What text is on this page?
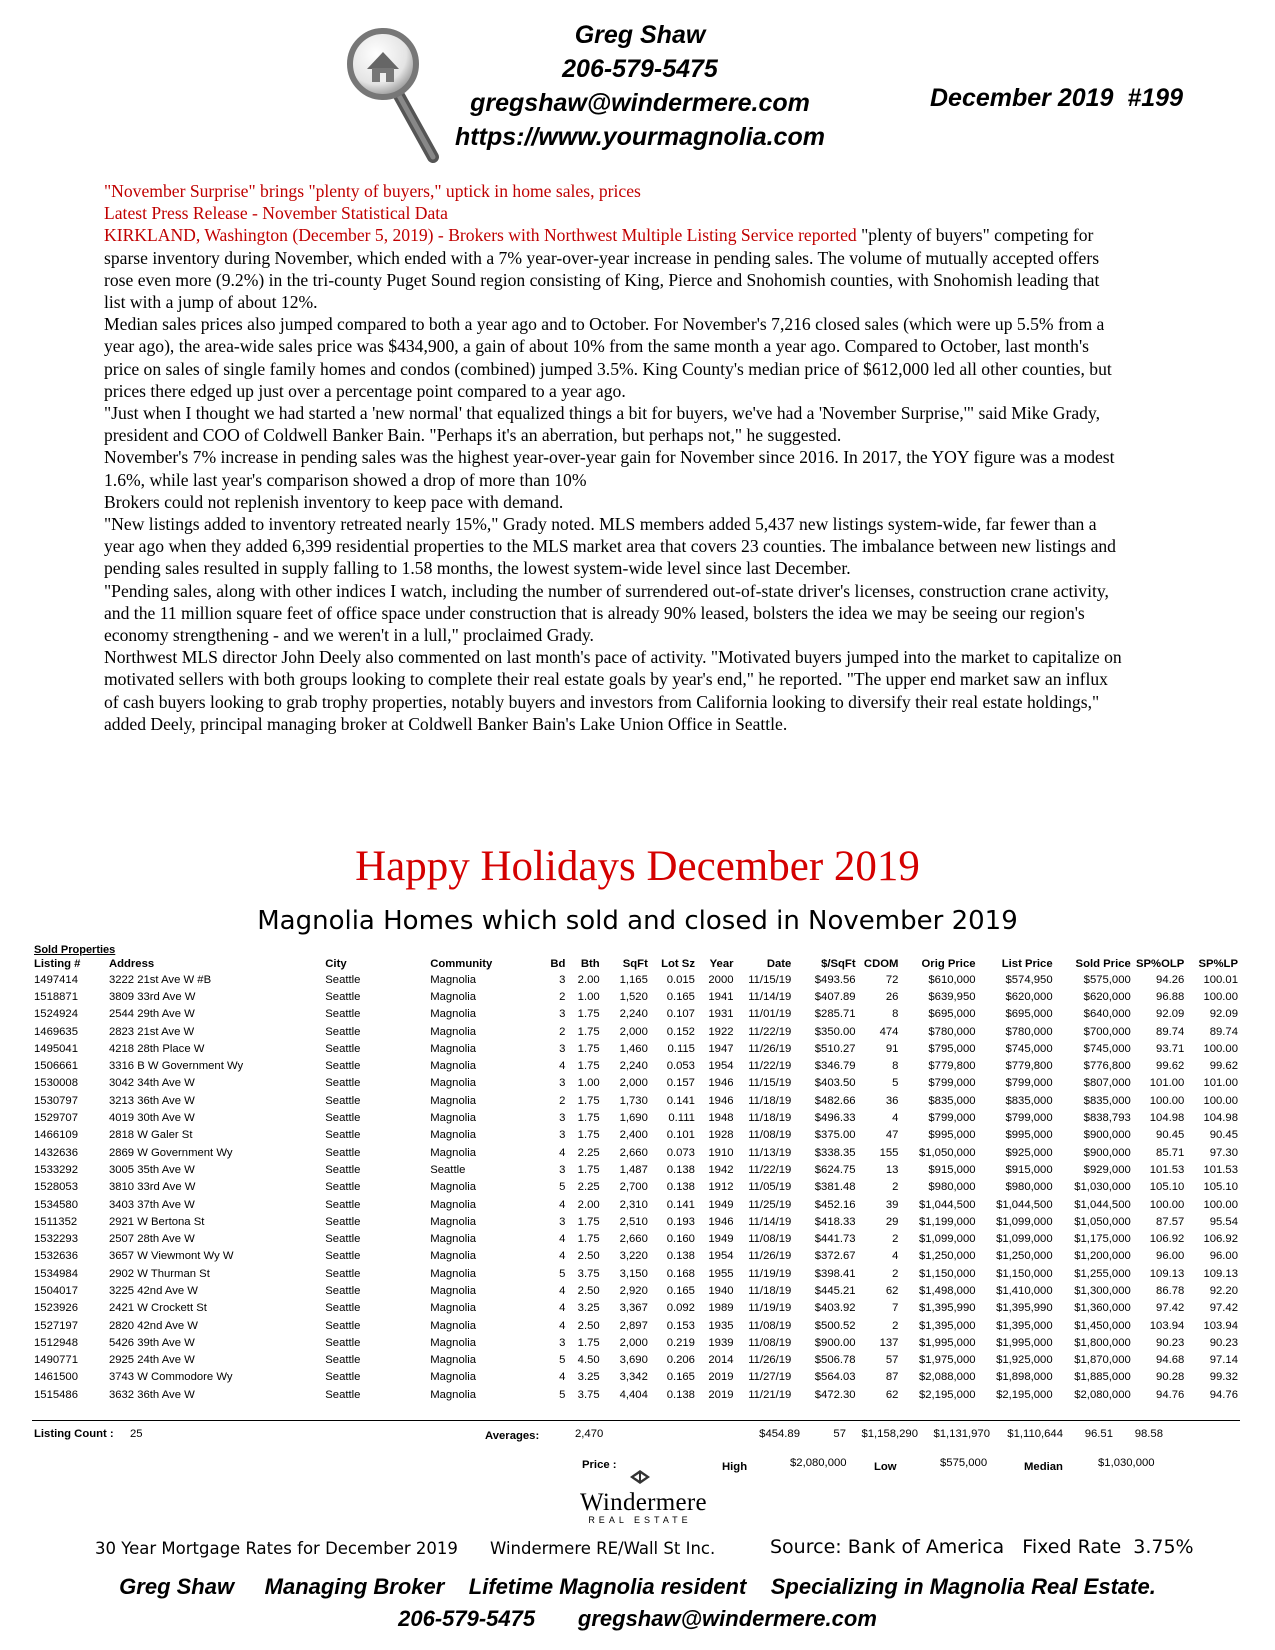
Greg Shaw
206-579-5475
gregshaw@windermere.com
https://www.yourmagnolia.com
December 2019  #199

"November Surprise" brings "plenty of buyers," uptick in home sales, prices

Latest Press Release - November Statistical Data

KIRKLAND, Washington (December 5, 2019) - Brokers with Northwest Multiple Listing Service reported "plenty of buyers" competing for sparse inventory during November, which ended with a 7% year-over-year increase in pending sales. The volume of mutually accepted offers rose even more (9.2%) in the tri-county Puget Sound region consisting of King, Pierce and Snohomish counties, with Snohomish leading that list with a jump of about 12%.

Median sales prices also jumped compared to both a year ago and to October. For November's 7,216 closed sales (which were up 5.5% from a year ago), the area-wide sales price was $434,900, a gain of about 10% from the same month a year ago. Compared to October, last month's price on sales of single family homes and condos (combined) jumped 3.5%. King County's median price of $612,000 led all other counties, but prices there edged up just over a percentage point compared to a year ago.

"Just when I thought we had started a 'new normal' that equalized things a bit for buyers, we've had a 'November Surprise,'" said Mike Grady, president and COO of Coldwell Banker Bain. "Perhaps it's an aberration, but perhaps not," he suggested.

November's 7% increase in pending sales was the highest year-over-year gain for November since 2016. In 2017, the YOY figure was a modest 1.6%, while last year's comparison showed a drop of more than 10%

Brokers could not replenish inventory to keep pace with demand.

"New listings added to inventory retreated nearly 15%," Grady noted. MLS members added 5,437 new listings system-wide, far fewer than a year ago when they added 6,399 residential properties to the MLS market area that covers 23 counties. The imbalance between new listings and pending sales resulted in supply falling to 1.58 months, the lowest system-wide level since last December.

"Pending sales, along with other indices I watch, including the number of surrendered out-of-state driver's licenses, construction crane activity, and the 11 million square feet of office space under construction that is already 90% leased, bolsters the idea we may be seeing our region's economy strengthening - and we weren't in a lull," proclaimed Grady.

Northwest MLS director John Deely also commented on last month's pace of activity. "Motivated buyers jumped into the market to capitalize on motivated sellers with both groups looking to complete their real estate goals by year's end," he reported. "The upper end market saw an influx of cash buyers looking to grab trophy properties, notably buyers and investors from California looking to diversify their real estate holdings," added Deely, principal managing broker at Coldwell Banker Bain's Lake Union Office in Seattle.

Happy Holidays December 2019
Magnolia Homes which sold and closed in November 2019
Sold Properties
Listing #	Address	City	Community	Bd	Bth	SqFt	Lot Sz	Year	Date	$/SqFt	CDOM	Orig Price	List Price	Sold Price	SP%OLP	SP%LP
1497414	3222 21st Ave W #B	Seattle	Magnolia	3	2.00	1,165	0.015	2000	11/15/19	$493.56	72	$610,000	$574,950	$575,000	94.26	100.01
1518871	3809 33rd Ave W	Seattle	Magnolia	2	1.00	1,520	0.165	1941	11/14/19	$407.89	26	$639,950	$620,000	$620,000	96.88	100.00
1524924	2544 29th Ave W	Seattle	Magnolia	3	1.75	2,240	0.107	1931	11/01/19	$285.71	8	$695,000	$695,000	$640,000	92.09	92.09
1469635	2823 21st Ave W	Seattle	Magnolia	2	1.75	2,000	0.152	1922	11/22/19	$350.00	474	$780,000	$780,000	$700,000	89.74	89.74
1495041	4218 28th Place W	Seattle	Magnolia	3	1.75	1,460	0.115	1947	11/26/19	$510.27	91	$795,000	$745,000	$745,000	93.71	100.00
1506661	3316 B W Government Wy	Seattle	Magnolia	4	1.75	2,240	0.053	1954	11/22/19	$346.79	8	$779,800	$779,800	$776,800	99.62	99.62
1530008	3042 34th Ave W	Seattle	Magnolia	3	1.00	2,000	0.157	1946	11/15/19	$403.50	5	$799,000	$799,000	$807,000	101.00	101.00
1530797	3213 36th Ave W	Seattle	Magnolia	2	1.75	1,730	0.141	1946	11/18/19	$482.66	36	$835,000	$835,000	$835,000	100.00	100.00
1529707	4019 30th Ave W	Seattle	Magnolia	3	1.75	1,690	0.111	1948	11/18/19	$496.33	4	$799,000	$799,000	$838,793	104.98	104.98
1466109	2818 W Galer St	Seattle	Magnolia	3	1.75	2,400	0.101	1928	11/08/19	$375.00	47	$995,000	$995,000	$900,000	90.45	90.45
1432636	2869 W Government Wy	Seattle	Magnolia	4	2.25	2,660	0.073	1910	11/13/19	$338.35	155	$1,050,000	$925,000	$900,000	85.71	97.30
1533292	3005 35th Ave W	Seattle	Seattle	3	1.75	1,487	0.138	1942	11/22/19	$624.75	13	$915,000	$915,000	$929,000	101.53	101.53
1528053	3810 33rd Ave W	Seattle	Magnolia	5	2.25	2,700	0.138	1912	11/05/19	$381.48	2	$980,000	$980,000	$1,030,000	105.10	105.10
1534580	3403 37th Ave W	Seattle	Magnolia	4	2.00	2,310	0.141	1949	11/25/19	$452.16	39	$1,044,500	$1,044,500	$1,044,500	100.00	100.00
1511352	2921 W Bertona St	Seattle	Magnolia	3	1.75	2,510	0.193	1946	11/14/19	$418.33	29	$1,199,000	$1,099,000	$1,050,000	87.57	95.54
1532293	2507 28th Ave W	Seattle	Magnolia	4	1.75	2,660	0.160	1949	11/08/19	$441.73	2	$1,099,000	$1,099,000	$1,175,000	106.92	106.92
1532636	3657 W Viewmont Wy W	Seattle	Magnolia	4	2.50	3,220	0.138	1954	11/26/19	$372.67	4	$1,250,000	$1,250,000	$1,200,000	96.00	96.00
1534984	2902 W Thurman St	Seattle	Magnolia	5	3.75	3,150	0.168	1955	11/19/19	$398.41	2	$1,150,000	$1,150,000	$1,255,000	109.13	109.13
1504017	3225 42nd Ave W	Seattle	Magnolia	4	2.50	2,920	0.165	1940	11/18/19	$445.21	62	$1,498,000	$1,410,000	$1,300,000	86.78	92.20
1523926	2421 W Crockett St	Seattle	Magnolia	4	3.25	3,367	0.092	1989	11/19/19	$403.92	7	$1,395,990	$1,395,990	$1,360,000	97.42	97.42
1527197	2820 42nd Ave W	Seattle	Magnolia	4	2.50	2,897	0.153	1935	11/08/19	$500.52	2	$1,395,000	$1,395,000	$1,450,000	103.94	103.94
1512948	5426 39th Ave W	Seattle	Magnolia	3	1.75	2,000	0.219	1939	11/08/19	$900.00	137	$1,995,000	$1,995,000	$1,800,000	90.23	90.23
1490771	2925 24th Ave W	Seattle	Magnolia	5	4.50	3,690	0.206	2014	11/26/19	$506.78	57	$1,975,000	$1,925,000	$1,870,000	94.68	97.14
1461500	3743 W Commodore Wy	Seattle	Magnolia	4	3.25	3,342	0.165	2019	11/27/19	$564.03	87	$2,088,000	$1,898,000	$1,885,000	90.28	99.32
1515486	3632 36th Ave W	Seattle	Magnolia	5	3.75	4,404	0.138	2019	11/21/19	$472.30	62	$2,195,000	$2,195,000	$2,080,000	94.76	94.76
Listing Count : 25	Averages:	2,470	$454.89	57	$1,158,290	$1,131,970	$1,110,644	96.51	98.58
Price :	High	$2,080,000 Low	$575,000	Median	$1,030,000
Windermere
REAL ESTATE
30 Year Mortgage Rates for December 2019 Windermere RE/Wall St Inc.	Source: Bank of America   Fixed Rate  3.75%
Greg Shaw     Managing Broker    Lifetime Magnolia resident    Specializing in Magnolia Real Estate.
206-579-5475       gregshaw@windermere.com
